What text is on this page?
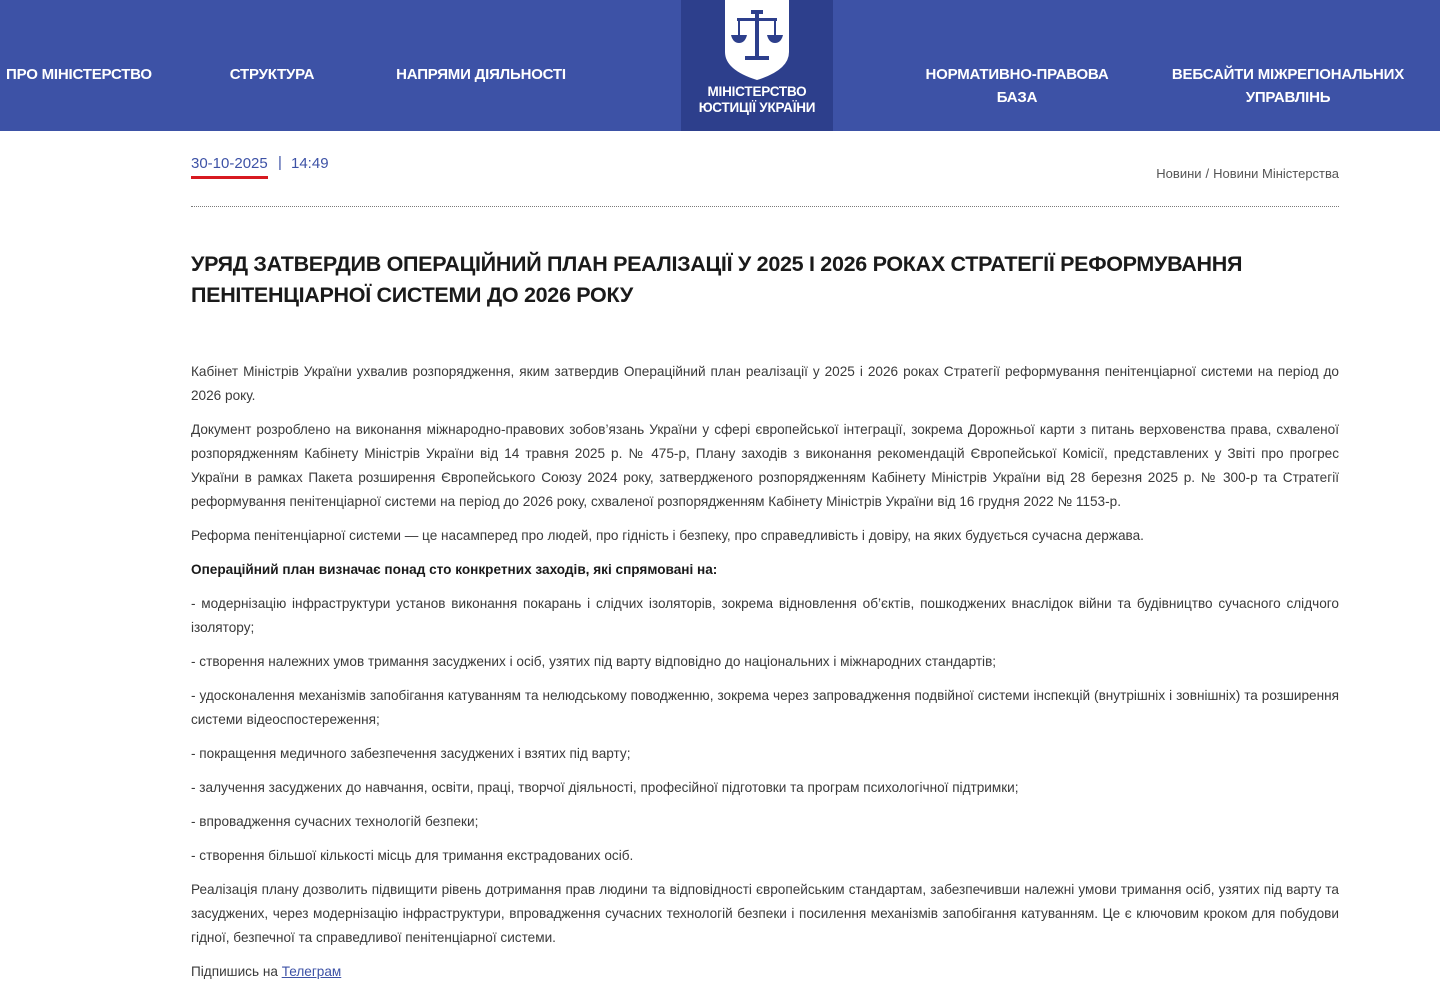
ПРО МІНІСТЕРСТВО	СТРУКТУРА	НАПРЯМИ ДІЯЛЬНОСТІ
МІНІСТЕРСТВО
ЮСТИЦІЇ УКРАЇНИ
НОРМАТИВНО-ПРАВОВА
БАЗА
ВЕБСАЙТИ МІЖРЕГІОНАЛЬНИХ
УПРАВЛІНЬ
30-10-2025 | 14:49
Новини / Новини Міністерства
УРЯД ЗАТВЕРДИВ ОПЕРАЦІЙНИЙ ПЛАН РЕАЛІЗАЦІЇ У 2025 І 2026 РОКАХ СТРАТЕГІЇ РЕФОРМУВАННЯ ПЕНІТЕНЦІАРНОЇ СИСТЕМИ ДО 2026 РОКУ

Кабінет Міністрів України ухвалив розпорядження, яким затвердив Операційний план реалізації у 2025 і 2026 роках Стратегії реформування пенітенціарної системи на період до 2026 року.

Документ розроблено на виконання міжнародно-правових зобов’язань України у сфері європейської інтеграції, зокрема Дорожньої карти з питань верховенства права, схваленої розпорядженням Кабінету Міністрів України від 14 травня 2025 р. № 475-р, Плану заходів з виконання рекомендацій Європейської Комісії, представлених у Звіті про прогрес України в рамках Пакета розширення Європейського Союзу 2024 року, затвердженого розпорядженням Кабінету Міністрів України від 28 березня 2025 р. № 300-р та Стратегії реформування пенітенціарної системи на період до 2026 року, схваленої розпорядженням Кабінету Міністрів України від 16 грудня 2022 № 1153-р.

Реформа пенітенціарної системи — це насамперед про людей, про гідність і безпеку, про справедливість і довіру, на яких будується сучасна держава.

Операційний план визначає понад сто конкретних заходів, які спрямовані на:

- модернізацію інфраструктури установ виконання покарань і слідчих ізоляторів, зокрема відновлення об’єктів, пошкоджених внаслідок війни та будівництво сучасного слідчого ізолятору;

- створення належних умов тримання засуджених і осіб, узятих під варту відповідно до національних і міжнародних стандартів;

- удосконалення механізмів запобігання катуванням та нелюдському поводженню, зокрема через запровадження подвійної системи інспекцій (внутрішніх і зовнішніх) та розширення системи відеоспостереження;

- покращення медичного забезпечення засуджених і взятих під варту;

- залучення засуджених до навчання, освіти, праці, творчої діяльності, професійної підготовки та програм психологічної підтримки;

- впровадження сучасних технологій безпеки;

- створення більшої кількості місць для тримання екстрадованих осіб.

Реалізація плану дозволить підвищити рівень дотримання прав людини та відповідності європейським стандартам, забезпечивши належні умови тримання осіб, узятих під варту та засуджених, через модернізацію інфраструктури, впровадження сучасних технологій безпеки і посилення механізмів запобігання катуванням. Це є ключовим кроком для побудови гідної, безпечної та справедливої пенітенціарної системи.

Підпишись на Телеграм
